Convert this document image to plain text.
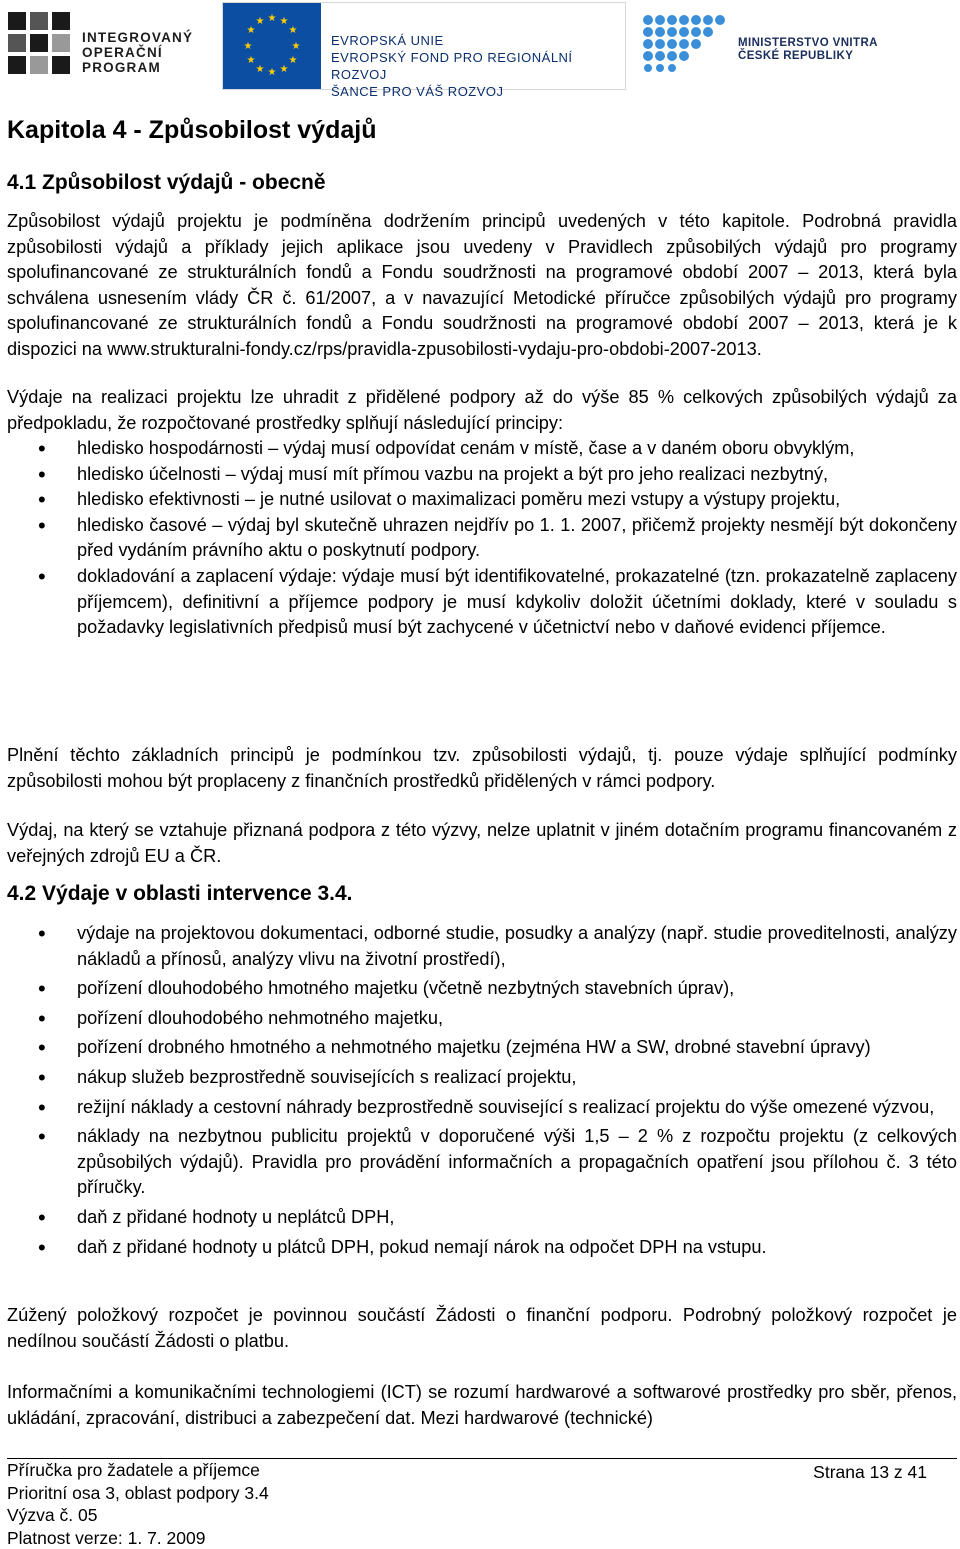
INTEGROVANÝ
OPERAČNÍ
PROGRAM
★ ★
★
★
★
★
★
★
★
★
★
★
EVROPSKÁ UNIE
EVROPSKÝ FOND PRO REGIONÁLNÍ ROZVOJ
ŠANCE PRO VÁŠ ROZVOJ
MINISTERSTVO VNITRA
ČESKÉ REPUBLIKY
Kapitola 4 - Způsobilost výdajů
4.1 Způsobilost výdajů - obecně

Způsobilost výdajů projektu je podmíněna dodržením principů uvedených v této kapitole. Podrobná pravidla způsobilosti výdajů a příklady jejich aplikace jsou uvedeny v Pravidlech způsobilých výdajů pro programy spolufinancované ze strukturálních fondů a Fondu soudržnosti na programové období 2007 – 2013, která byla schválena usnesením vlády ČR č. 61/2007, a v navazující Metodické příručce způsobilých výdajů pro programy spolufinancované ze strukturálních fondů a Fondu soudržnosti na programové období 2007 – 2013, která je k dispozici na www.strukturalni-fondy.cz/rps/pravidla-zpusobilosti-vydaju-pro-obdobi-2007-2013.

Výdaje na realizaci projektu lze uhradit z přidělené podpory až do výše 85 % celkových způsobilých výdajů za předpokladu, že rozpočtované prostředky splňují následující principy:

• hledisko hospodárnosti – výdaj musí odpovídat cenám v místě, čase a v daném oboru obvyklým,
• hledisko účelnosti – výdaj musí mít přímou vazbu na projekt a být pro jeho realizaci nezbytný,
• hledisko efektivnosti – je nutné usilovat o maximalizaci poměru mezi vstupy a výstupy projektu,
• hledisko časové – výdaj byl skutečně uhrazen nejdřív po 1. 1. 2007, přičemž projekty nesmějí být dokončeny před vydáním právního aktu o poskytnutí podpory.
• dokladování a zaplacení výdaje: výdaje musí být identifikovatelné, prokazatelné (tzn. prokazatelně zaplaceny příjemcem), definitivní a příjemce podpory je musí kdykoliv doložit účetními doklady, které v souladu s požadavky legislativních předpisů musí být zachycené v účetnictví nebo v daňové evidenci příjemce.

Plnění těchto základních principů je podmínkou tzv. způsobilosti výdajů, tj. pouze výdaje splňující podmínky způsobilosti mohou být proplaceny z finančních prostředků přidělených v rámci podpory.

Výdaj, na který se vztahuje přiznaná podpora z této výzvy, nelze uplatnit v jiném dotačním programu financovaném z veřejných zdrojů EU a ČR.

4.2 Výdaje v oblasti intervence 3.4.
• výdaje na projektovou dokumentaci, odborné studie, posudky a analýzy (např. studie proveditelnosti, analýzy nákladů a přínosů, analýzy vlivu na životní prostředí),
• pořízení dlouhodobého hmotného majetku (včetně nezbytných stavebních úprav),
• pořízení dlouhodobého nehmotného majetku,
• pořízení drobného hmotného a nehmotného majetku (zejména HW a SW, drobné stavební úpravy)
• nákup služeb bezprostředně souvisejících s realizací projektu,
• režijní náklady a cestovní náhrady bezprostředně související s realizací projektu do výše omezené výzvou,
• náklady na nezbytnou publicitu projektů v doporučené výši 1,5 – 2 % z rozpočtu projektu (z celkových způsobilých výdajů). Pravidla pro provádění informačních a propagačních opatření jsou přílohou č. 3 této příručky.
• daň z přidané hodnoty u neplátců DPH,
• daň z přidané hodnoty u plátců DPH, pokud nemají nárok na odpočet DPH na vstupu.

Zúžený položkový rozpočet je povinnou součástí Žádosti o finanční podporu. Podrobný položkový rozpočet je nedílnou součástí Žádosti o platbu.

Informačními a komunikačními technologiemi (ICT) se rozumí hardwarové a softwarové prostředky pro sběr, přenos, ukládání, zpracování, distribuci a zabezpečení dat. Mezi hardwarové (technické)

Příručka pro žadatele a příjemce
Prioritní osa 3, oblast podpory 3.4
Výzva č. 05
Platnost verze: 1. 7. 2009
Strana 13 z 41
